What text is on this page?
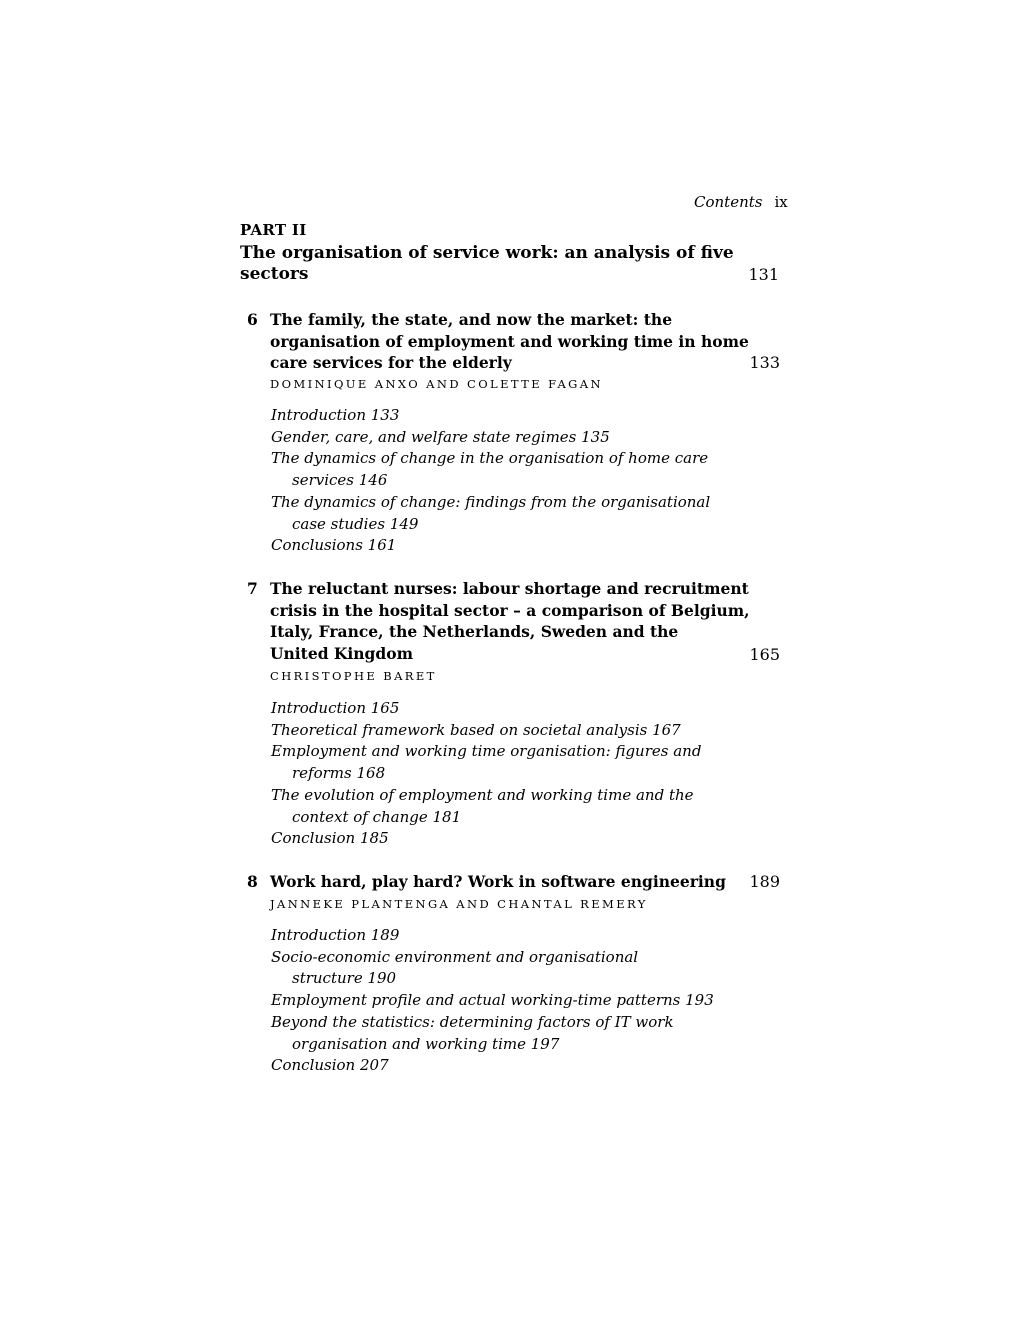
Contents ix
PART II
The organisation of service work: an analysis of five
sectors	131
6 The family, the state, and now the market: the
organisation of employment and working time in home
care services for the elderly	133
DOMINIQUE ANXO AND COLETTE FAGAN
Introduction 133
Gender, care, and welfare state regimes 135
The dynamics of change in the organisation of home care
services 146
The dynamics of change: findings from the organisational
case studies 149
Conclusions 161
7 The reluctant nurses: labour shortage and recruitment
crisis in the hospital sector – a comparison of Belgium,
Italy, France, the Netherlands, Sweden and the
United Kingdom	165
CHRISTOPHE BARET
Introduction 165
Theoretical framework based on societal analysis 167
Employment and working time organisation: figures and
reforms 168
The evolution of employment and working time and the
context of change 181
Conclusion 185
8 Work hard, play hard? Work in software engineering	189
JANNEKE PLANTENGA AND CHANTAL REMERY
Introduction 189
Socio-economic environment and organisational
structure 190
Employment profile and actual working-time patterns 193
Beyond the statistics: determining factors of IT work
organisation and working time 197
Conclusion 207
